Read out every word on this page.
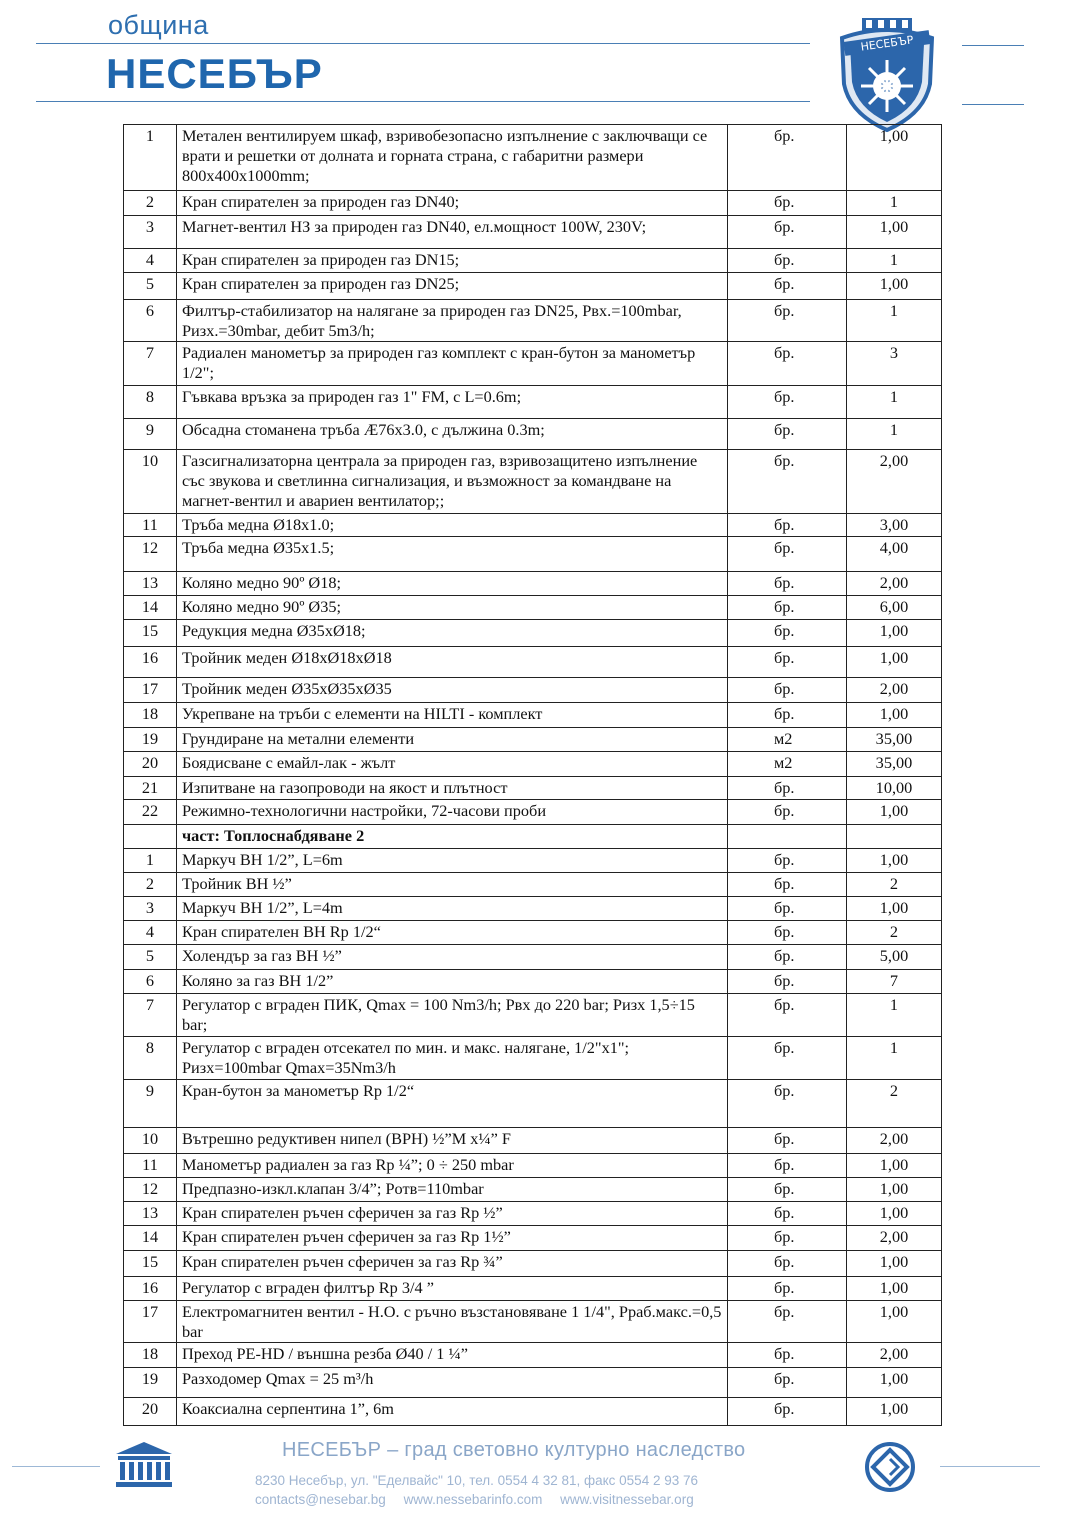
община
НЕСЕБЪР
НЕСЕБЪР
1	Метален вентилируем шкаф, взривобезопасно изпълнение с заключващи се врати и решетки от долната и горната страна, с габаритни размери 800х400х1000mm;	бр.	1,00
2	Кран спирателен за природен газ DN40;	бр.	1
3	Магнет-вентил НЗ за природен газ DN40, ел.мощност 100W, 230V;	бр.	1,00
4	Кран спирателен за природен газ DN15;	бр.	1
5	Кран спирателен за природен газ DN25;	бр.	1,00
6	Филтър-стабилизатор на налягане за природен газ DN25, Рвх.=100mbar, Ризх.=30mbar, дебит 5m3/h;	бр.	1
7	Радиален манометър за природен газ комплект с кран-бутон за манометър 1/2";	бр.	3
8	Гъвкава връзка за природен газ 1" FM, с L=0.6m;	бр.	1
9	Обсадна стоманена тръба Æ76х3.0, с дължина 0.3m;	бр.	1
10	Газсигнализаторна централа за природен газ, взривозащитено изпълнение със звукова и светлинна сигнализация, и възможност за командване на магнет-вентил и авариен вентилатор;;	бр.	2,00
11	Тръба медна Ø18х1.0;	бр.	3,00
12	Тръба медна Ø35х1.5;	бр.	4,00
13	Коляно медно 90º Ø18;	бр.	2,00
14	Коляно медно 90º Ø35;	бр.	6,00
15	Редукция медна Ø35хØ18;	бр.	1,00
16	Тройник меден Ø18хØ18хØ18	бр.	1,00
17	Тройник меден Ø35хØ35хØ35	бр.	2,00
18	Укрепване на тръби с елементи на HILTI - комплект	бр.	1,00
19	Грундиране на метални елементи	м2	35,00
20	Боядисване с емайл-лак - жълт	м2	35,00
21	Изпитване на газопроводи на якост и плътност	бр.	10,00
22	Режимно-технологични настройки, 72-часови проби	бр.	1,00
	част: Топлоснабдяване 2		
1	Маркуч ВН 1/2”, L=6m	бр.	1,00
2	Тройник ВН ½”	бр.	2
3	Маркуч ВН 1/2”, L=4m	бр.	1,00
4	Кран спирателен ВН Rp 1/2“	бр.	2
5	Холендър за газ ВН ½”	бр.	5,00
6	Коляно за газ ВН 1/2”	бр.	7
7	Регулатор с вграден ПИК, Qmax = 100 Nm3/h; Рвх до 220 bar; Ризх 1,5÷15 bar;	бр.	1
8	Регулатор с вграден отсекател по мин. и макс. налягане, 1/2"х1"; Ризх=100mbar Qmax=35Nm3/h	бр.	1
9	Кран-бутон за манометър Rp 1/2“	бр.	2
10	Вътрешно редуктивен нипел (ВРН) ½”М х¼” F	бр.	2,00
11	Манометър радиален за газ Rp ¼”; 0 ÷ 250 mbar	бр.	1,00
12	Предпазно-изкл.клапан 3/4”; Pотв=110mbar	бр.	1,00
13	Кран спирателен ръчен сферичен за газ Rp ½”	бр.	1,00
14	Кран спирателен ръчен сферичен за газ Rp 1½”	бр.	2,00
15	Кран спирателен ръчен сферичен за газ Rp ¾”	бр.	1,00
16	Регулатор с вграден филтър Rp 3/4 ”	бр.	1,00
17	Електромагнитен вентил - Н.О. с ръчно възстановяване 1 1/4", Рраб.макс.=0,5 bar	бр.	1,00
18	Преход PE-HD / външна резба Ø40 / 1 ¼”	бр.	2,00
19	Разходомер Qmax = 25 m³/h	бр.	1,00
20	Коаксиална серпентина 1”, 6m	бр.	1,00
НЕСЕБЪР – град световно културно наследство
8230 Несебър, ул. "Еделвайс" 10, тел. 0554 4 32 81, факс 0554 2 93 76
contacts@nesebar.bg www.nessebarinfo.com www.visitnessebar.org
